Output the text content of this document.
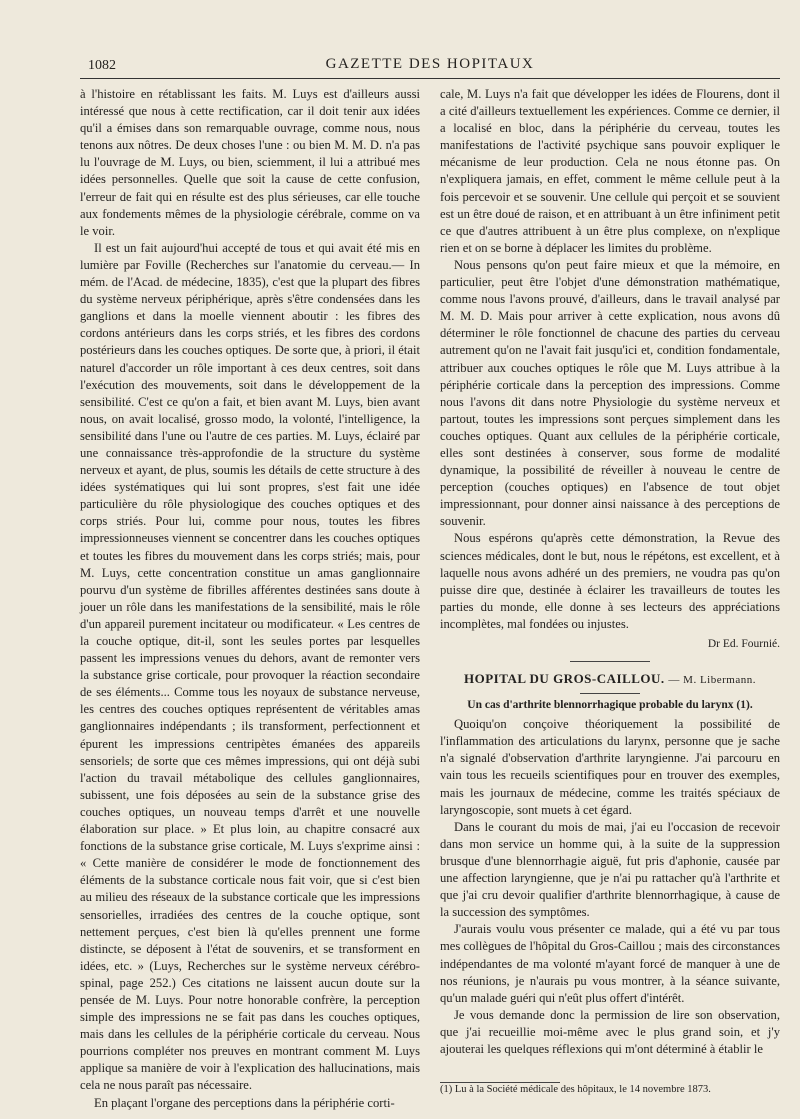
1082	GAZETTE DES HOPITAUX

à l'histoire en rétablissant les faits. M. Luys est d'ailleurs aussi intéressé que nous à cette rectification, car il doit tenir aux idées qu'il a émises dans son remarquable ouvrage, comme nous, nous tenons aux nôtres. De deux choses l'une : ou bien M. M. D. n'a pas lu l'ouvrage de M. Luys, ou bien, sciemment, il lui a attribué mes idées personnelles. Quelle que soit la cause de cette confusion, l'erreur de fait qui en résulte est des plus sérieuses, car elle touche aux fondements mêmes de la physiologie cérébrale, comme on va le voir.

Il est un fait aujourd'hui accepté de tous et qui avait été mis en lumière par Foville (Recherches sur l'anatomie du cerveau.— In mém. de l'Acad. de médecine, 1835), c'est que la plupart des fibres du système nerveux périphérique, après s'être condensées dans les ganglions et dans la moelle viennent aboutir : les fibres des cordons antérieurs dans les corps striés, et les fibres des cordons postérieurs dans les couches optiques. De sorte que, à priori, il était naturel d'accorder un rôle important à ces deux centres, soit dans l'exécution des mouvements, soit dans le développement de la sensibilité. C'est ce qu'on a fait, et bien avant M. Luys, bien avant nous, on avait localisé, grosso modo, la volonté, l'intelligence, la sensibilité dans l'une ou l'autre de ces parties. M. Luys, éclairé par une connaissance très-approfondie de la structure du système nerveux et ayant, de plus, soumis les détails de cette structure à des idées systématiques qui lui sont propres, s'est fait une idée particulière du rôle physiologique des couches optiques et des corps striés. Pour lui, comme pour nous, toutes les fibres impressionneuses viennent se concentrer dans les couches optiques et toutes les fibres du mouvement dans les corps striés; mais, pour M. Luys, cette concentration constitue un amas ganglionnaire pourvu d'un système de fibrilles afférentes destinées sans doute à jouer un rôle dans les manifestations de la sensibilité, mais le rôle d'un appareil purement incitateur ou modificateur. « Les centres de la couche optique, dit-il, sont les seules portes par lesquelles passent les impressions venues du dehors, avant de remonter vers la substance grise corticale, pour provoquer la réaction secondaire de ses éléments... Comme tous les noyaux de substance nerveuse, les centres des couches optiques représentent de véritables amas ganglionnaires indépendants ; ils transforment, perfectionnent et épurent les impressions centripètes émanées des appareils sensoriels; de sorte que ces mêmes impressions, qui ont déjà subi l'action du travail métabolique des cellules ganglionnaires, subissent, une fois déposées au sein de la substance grise des couches optiques, un nouveau temps d'arrêt et une nouvelle élaboration sur place. » Et plus loin, au chapitre consacré aux fonctions de la substance grise corticale, M. Luys s'exprime ainsi : « Cette manière de considérer le mode de fonctionnement des éléments de la substance corticale nous fait voir, que si c'est bien au milieu des réseaux de la substance corticale que les impressions sensorielles, irradiées des centres de la couche optique, sont nettement perçues, c'est bien là qu'elles prennent une forme distincte, se déposent à l'état de souvenirs, et se transforment en idées, etc. » (Luys, Recherches sur le système nerveux cérébro-spinal, page 252.) Ces citations ne laissent aucun doute sur la pensée de M. Luys. Pour notre honorable confrère, la perception simple des impressions ne se fait pas dans les couches optiques, mais dans les cellules de la périphérie corticale du cerveau. Nous pourrions compléter nos preuves en montrant comment M. Luys applique sa manière de voir à l'explication des hallucinations, mais cela ne nous paraît pas nécessaire.

En plaçant l'organe des perceptions dans la périphérie corti-

cale, M. Luys n'a fait que développer les idées de Flourens, dont il a cité d'ailleurs textuellement les expériences. Comme ce dernier, il a localisé en bloc, dans la périphérie du cerveau, toutes les manifestations de l'activité psychique sans pouvoir expliquer le mécanisme de leur production. Cela ne nous étonne pas. On n'expliquera jamais, en effet, comment le même cellule peut à la fois percevoir et se souvenir. Une cellule qui perçoit et se souvient est un être doué de raison, et en attribuant à un être infiniment petit ce que d'autres attribuent à un être plus complexe, on n'explique rien et on se borne à déplacer les limites du problème.

Nous pensons qu'on peut faire mieux et que la mémoire, en particulier, peut être l'objet d'une démonstration mathématique, comme nous l'avons prouvé, d'ailleurs, dans le travail analysé par M. M. D. Mais pour arriver à cette explication, nous avons dû déterminer le rôle fonctionnel de chacune des parties du cerveau autrement qu'on ne l'avait fait jusqu'ici et, condition fondamentale, attribuer aux couches optiques le rôle que M. Luys attribue à la périphérie corticale dans la perception des impressions. Comme nous l'avons dit dans notre Physiologie du système nerveux et partout, toutes les impressions sont perçues simplement dans les couches optiques. Quant aux cellules de la périphérie corticale, elles sont destinées à conserver, sous forme de modalité dynamique, la possibilité de réveiller à nouveau le centre de perception (couches optiques) en l'absence de tout objet impressionnant, pour donner ainsi naissance à des perceptions de souvenir.

Nous espérons qu'après cette démonstration, la Revue des sciences médicales, dont le but, nous le répétons, est excellent, et à laquelle nous avons adhéré un des premiers, ne voudra pas qu'on puisse dire que, destinée à éclairer les travailleurs de toutes les parties du monde, elle donne à ses lecteurs des appréciations incomplètes, mal fondées ou injustes.

Dr Ed. Fournié.
HOPITAL DU GROS-CAILLOU. — M. Libermann.
Un cas d'arthrite blennorrhagique probable du larynx (1).

Quoiqu'on conçoive théoriquement la possibilité de l'inflammation des articulations du larynx, personne que je sache n'a signalé d'observation d'arthrite laryngienne. J'ai parcouru en vain tous les recueils scientifiques pour en trouver des exemples, mais les journaux de médecine, comme les traités spéciaux de laryngoscopie, sont muets à cet égard.

Dans le courant du mois de mai, j'ai eu l'occasion de recevoir dans mon service un homme qui, à la suite de la suppression brusque d'une blennorrhagie aiguë, fut pris d'aphonie, causée par une affection laryngienne, que je n'ai pu rattacher qu'à l'arthrite et que j'ai cru devoir qualifier d'arthrite blennorrhagique, à cause de la succession des symptômes.

J'aurais voulu vous présenter ce malade, qui a été vu par tous mes collègues de l'hôpital du Gros-Caillou ; mais des circonstances indépendantes de ma volonté m'ayant forcé de manquer à une de nos réunions, je n'aurais pu vous montrer, à la séance suivante, qu'un malade guéri qui n'eût plus offert d'intérêt.

Je vous demande donc la permission de lire son observation, que j'ai recueillie moi-même avec le plus grand soin, et j'y ajouterai les quelques réflexions qui m'ont déterminé à établir le

(1) Lu à la Société médicale des hôpitaux, le 14 novembre 1873.
